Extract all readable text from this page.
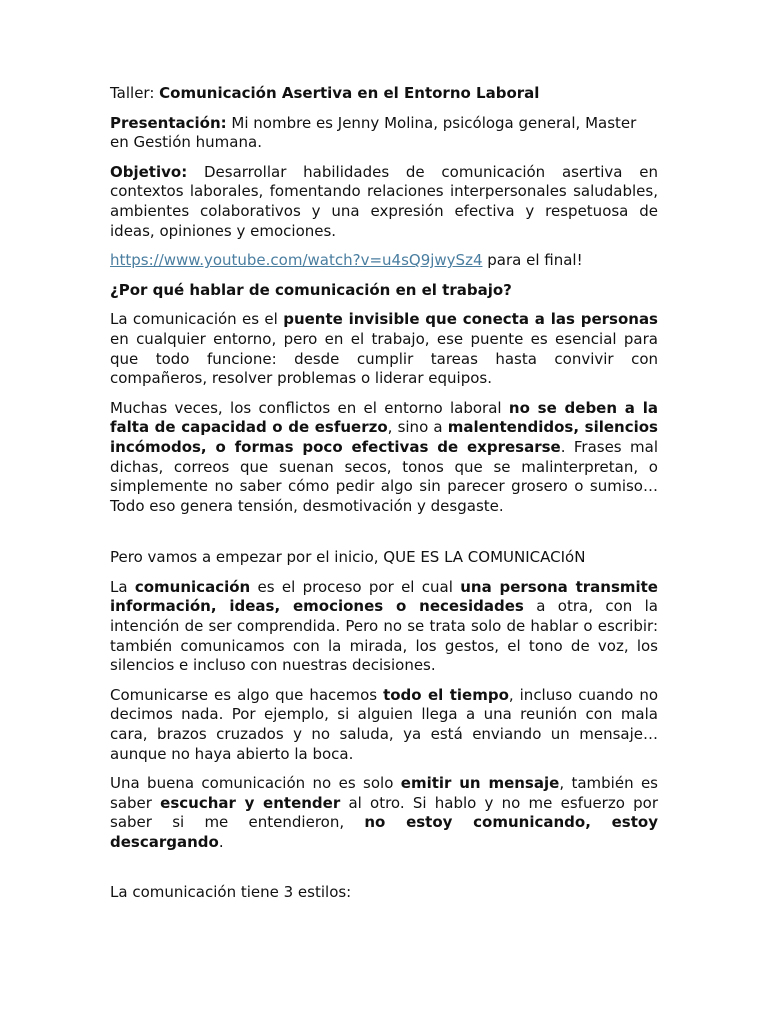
Taller: Comunicación Asertiva en el Entorno Laboral

Presentación: Mi nombre es Jenny Molina, psicóloga general, Master en Gestión humana.

Objetivo: Desarrollar habilidades de comunicación asertiva en contextos laborales, fomentando relaciones interpersonales saludables, ambientes colaborativos y una expresión efectiva y respetuosa de ideas, opiniones y emociones.

https://www.youtube.com/watch?v=u4sQ9jwySz4 para el final!

¿Por qué hablar de comunicación en el trabajo?

La comunicación es el puente invisible que conecta a las personas en cualquier entorno, pero en el trabajo, ese puente es esencial para que todo funcione: desde cumplir tareas hasta convivir con compañeros, resolver problemas o liderar equipos.

Muchas veces, los conflictos en el entorno laboral no se deben a la falta de capacidad o de esfuerzo, sino a malentendidos, silencios incómodos, o formas poco efectivas de expresarse. Frases mal dichas, correos que suenan secos, tonos que se malinterpretan, o simplemente no saber cómo pedir algo sin parecer grosero o sumiso… Todo eso genera tensión, desmotivación y desgaste.

Pero vamos a empezar por el inicio, QUE ES LA COMUNICACIóN

La comunicación es el proceso por el cual una persona transmite información, ideas, emociones o necesidades a otra, con la intención de ser comprendida. Pero no se trata solo de hablar o escribir: también comunicamos con la mirada, los gestos, el tono de voz, los silencios e incluso con nuestras decisiones.

Comunicarse es algo que hacemos todo el tiempo, incluso cuando no decimos nada. Por ejemplo, si alguien llega a una reunión con mala cara, brazos cruzados y no saluda, ya está enviando un mensaje… aunque no haya abierto la boca.

Una buena comunicación no es solo emitir un mensaje, también es saber escuchar y entender al otro. Si hablo y no me esfuerzo por saber si me entendieron, no estoy comunicando, estoy descargando.

La comunicación tiene 3 estilos:
